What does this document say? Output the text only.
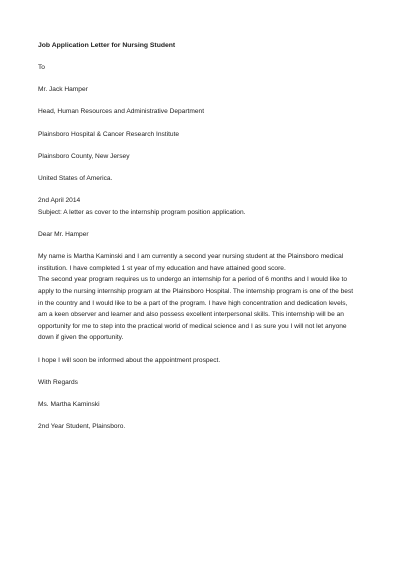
Job Application Letter for Nursing Student

To

Mr. Jack Hamper

Head, Human Resources and Administrative Department

Plainsboro Hospital & Cancer Research Institute

Plainsboro County, New Jersey

United States of America.

2nd April 2014

Subject: A letter as cover to the internship program position application.

Dear Mr. Hamper

My name is Martha Kaminski and I am currently a second year nursing student at the Plainsboro medical

institution. I have completed 1 st year of my education and have attained good score.

The second year program requires us to undergo an internship for a period of 6 months and I would like to

apply to the nursing internship program at the Plainsboro Hospital. The internship program is one of the best

in the country and I would like to be a part of the program. I have high concentration and dedication levels,

am a keen observer and learner and also possess excellent interpersonal skills. This internship will be an

opportunity for me to step into the practical world of medical science and I as sure you I will not let anyone

down if given the opportunity.

I hope I will soon be informed about the appointment prospect.

With Regards

Ms. Martha Kaminski

2nd Year Student, Plainsboro.
